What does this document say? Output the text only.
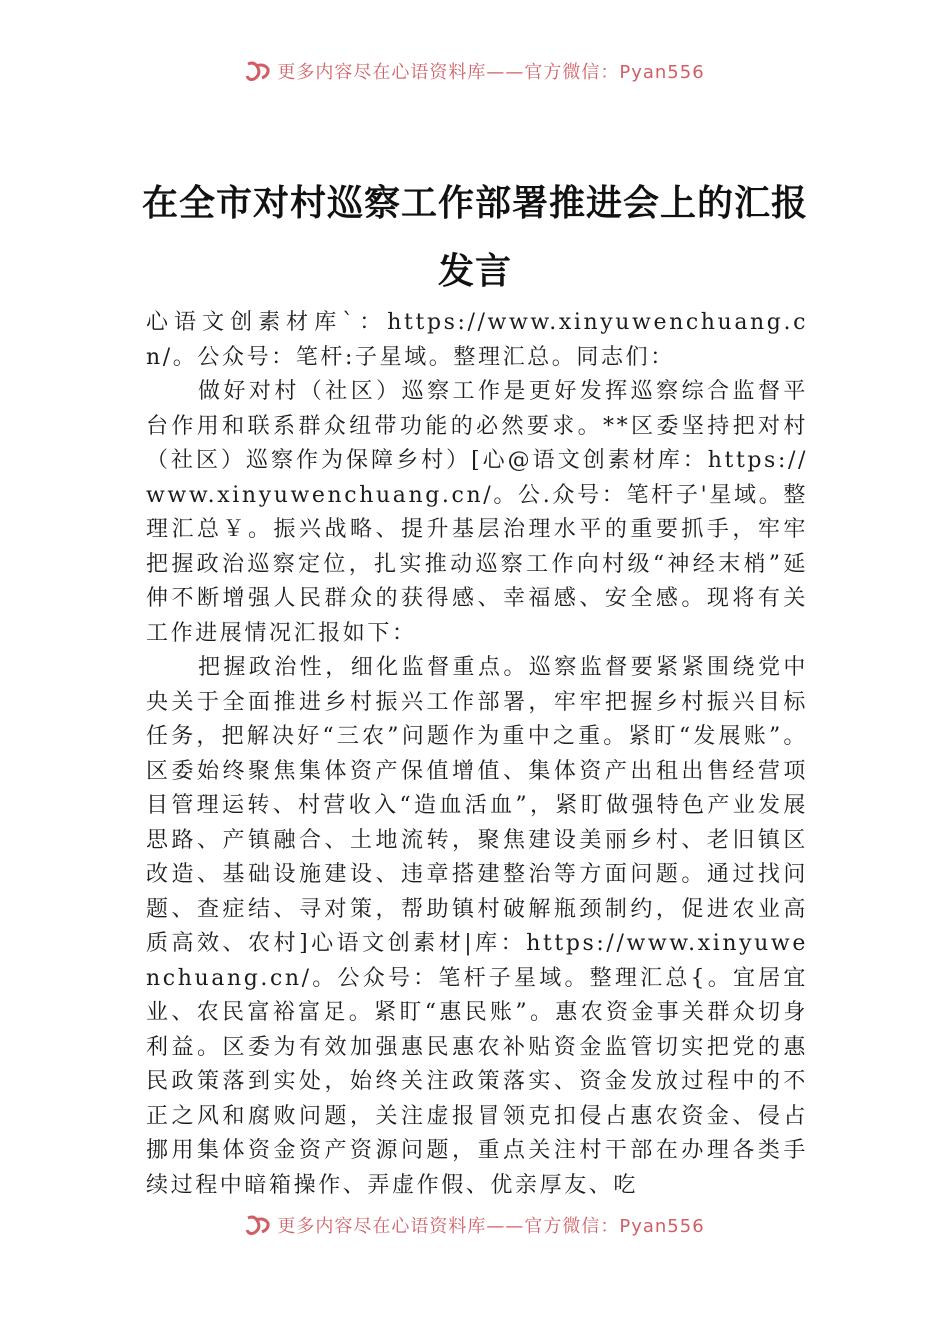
更多内容尽在心语资料库——官方微信：Pyan556
在全市对村巡察工作部署推进会上的汇报
发言

心语文创素材库`：https://www.xinyuwenchuang.cn/。公众号：笔杆:子星域。整理汇总。同志们：

做好对村（社区）巡察工作是更好发挥巡察综合监督平台作用和联系群众纽带功能的必然要求。**区委坚持把对村（社区）巡察作为保障乡村）[心@语文创素材库：https://www.xinyuwenchuang.cn/。公.众号：笔杆子'星域。整理汇总￥。振兴战略、提升基层治理水平的重要抓手，牢牢把握政治巡察定位，扎实推动巡察工作向村级“神经末梢”延伸不断增强人民群众的获得感、幸福感、安全感。现将有关工作进展情况汇报如下：

把握政治性，细化监督重点。巡察监督要紧紧围绕党中央关于全面推进乡村振兴工作部署，牢牢把握乡村振兴目标任务，把解决好“三农”问题作为重中之重。紧盯“发展账”。区委始终聚焦集体资产保值增值、集体资产出租出售经营项目管理运转、村营收入“造血活血”，紧盯做强特色产业发展思路、产镇融合、土地流转，聚焦建设美丽乡村、老旧镇区改造、基础设施建设、违章搭建整治等方面问题。通过找问题、查症结、寻对策，帮助镇村破解瓶颈制约，促进农业高质高效、农村]心语文创素材|库：https://www.xinyuwenchuang.cn/。公众号：笔杆子星域。整理汇总{。宜居宜业、农民富裕富足。紧盯“惠民账”。惠农资金事关群众切身利益。区委为有效加强惠民惠农补贴资金监管切实把党的惠民政策落到实处，始终关注政策落实、资金发放过程中的不正之风和腐败问题，关注虚报冒领克扣侵占惠农资金、侵占挪用集体资金资产资源问题，重点关注村干部在办理各类手续过程中暗箱操作、弄虚作假、优亲厚友、吃

更多内容尽在心语资料库——官方微信：Pyan556
